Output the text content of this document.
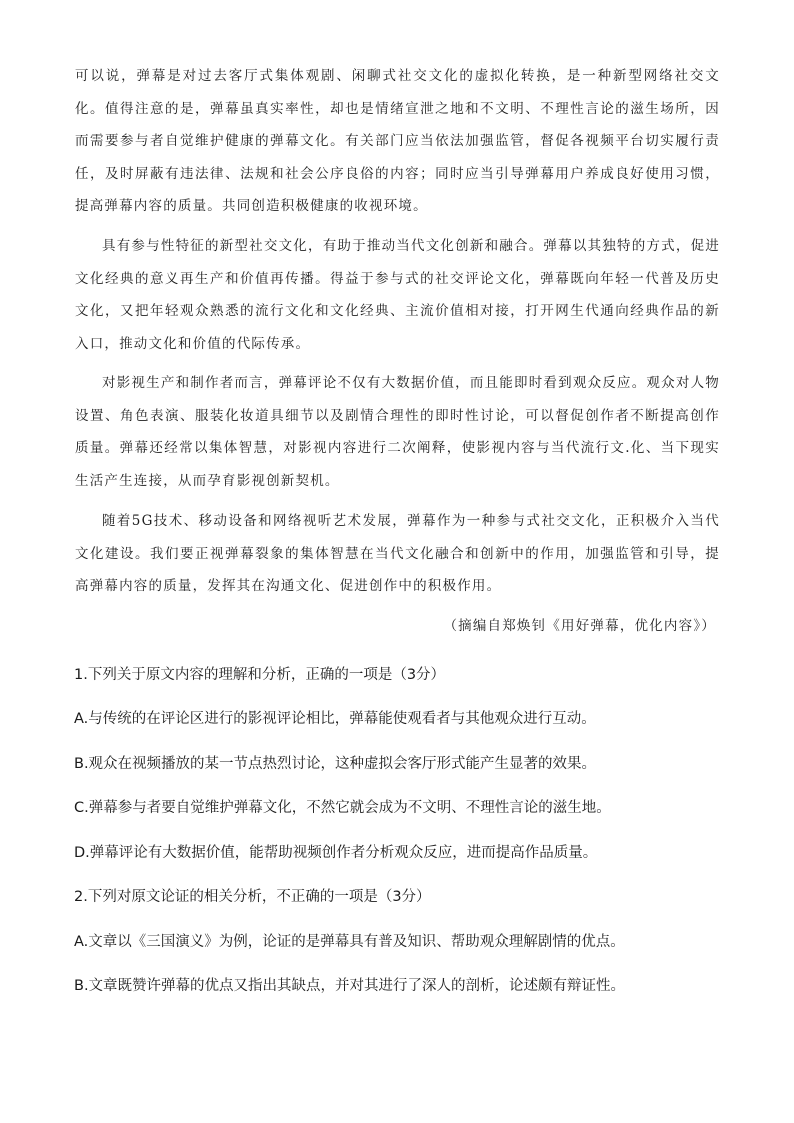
可以说，弹幕是对过去客厅式集体观剧、闲聊式社交文化的虚拟化转换，是一种新型网络社交文化。值得注意的是，弹幕虽真实率性，却也是情绪宣泄之地和不文明、不理性言论的滋生场所，因而需要参与者自觉维护健康的弹幕文化。有关部门应当依法加强监管，督促各视频平台切实履行责任，及时屏蔽有违法律、法规和社会公序良俗的内容；同时应当引导弹幕用户养成良好使用习惯，提高弹幕内容的质量。共同创造积极健康的收视环境。

具有参与性特征的新型社交文化，有助于推动当代文化创新和融合。弹幕以其独特的方式，促进文化经典的意义再生产和价值再传播。得益于参与式的社交评论文化，弹幕既向年轻一代普及历史文化，又把年轻观众熟悉的流行文化和文化经典、主流价值相对接，打开网生代通向经典作品的新入口，推动文化和价值的代际传承。

对影视生产和制作者而言，弹幕评论不仅有大数据价值，而且能即时看到观众反应。观众对人物设置、角色表演、服装化妆道具细节以及剧情合理性的即时性讨论，可以督促创作者不断提高创作质量。弹幕还经常以集体智慧，对影视内容进行二次阐释，使影视内容与当代流行文.化、当下现实生活产生连接，从而孕育影视创新契机。

随着5G技术、移动设备和网络视听艺术发展，弹幕作为一种参与式社交文化，正积极介入当代文化建设。我们要正视弹幕裂象的集体智慧在当代文化融合和创新中的作用，加强监管和引导，提高弹幕内容的质量，发挥其在沟通文化、促进创作中的积极作用。

（摘编自郑焕钊《用好弹幕，优化内容》）

1.下列关于原文内容的理解和分析，正确的一项是（3分）

A.与传统的在评论区进行的影视评论相比，弹幕能使观看者与其他观众进行互动。

B.观众在视频播放的某一节点热烈讨论，这种虚拟会客厅形式能产生显著的效果。

C.弹幕参与者要自觉维护弹幕文化，不然它就会成为不文明、不理性言论的滋生地。

D.弹幕评论有大数据价值，能帮助视频创作者分析观众反应，进而提高作品质量。

2.下列对原文论证的相关分析，不正确的一项是（3分）

A.文章以《三国演义》为例，论证的是弹幕具有普及知识、帮助观众理解剧情的优点。

B.文章既赞许弹幕的优点又指出其缺点，并对其进行了深人的剖析，论述颇有辩证性。
